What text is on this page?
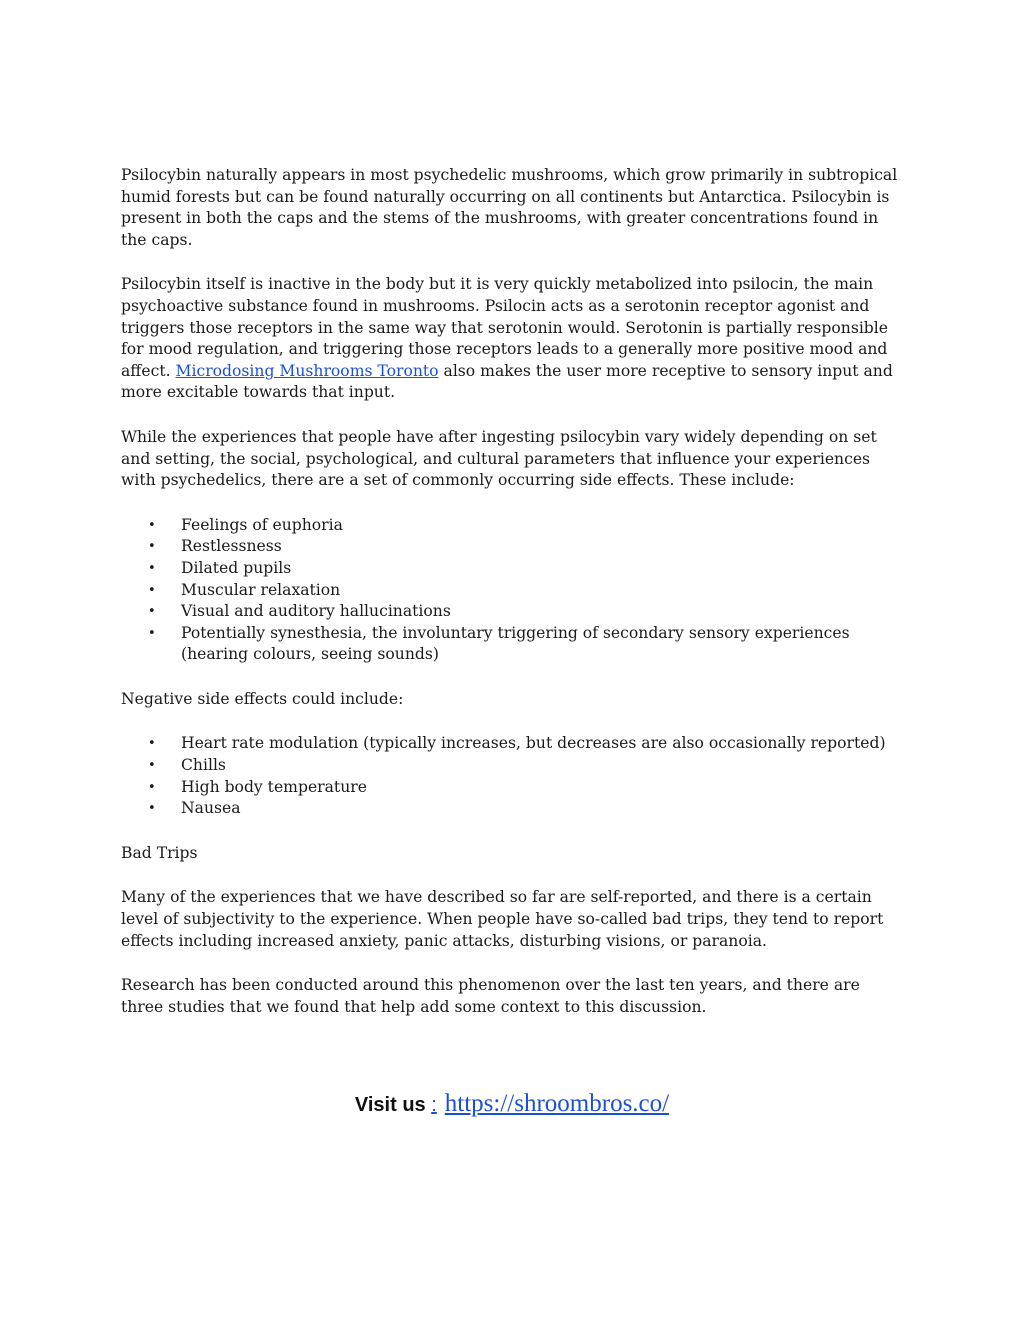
Psilocybin naturally appears in most psychedelic mushrooms, which grow primarily in subtropical humid forests but can be found naturally occurring on all continents but Antarctica. Psilocybin is present in both the caps and the stems of the mushrooms, with greater concentrations found in the caps.

Psilocybin itself is inactive in the body but it is very quickly metabolized into psilocin, the main psychoactive substance found in mushrooms. Psilocin acts as a serotonin receptor agonist and triggers those receptors in the same way that serotonin would. Serotonin is partially responsible for mood regulation, and triggering those receptors leads to a generally more positive mood and affect. Microdosing Mushrooms Toronto also makes the user more receptive to sensory input and more excitable towards that input.

While the experiences that people have after ingesting psilocybin vary widely depending on set and setting, the social, psychological, and cultural parameters that influence your experiences with psychedelics, there are a set of commonly occurring side effects. These include:

• Feelings of euphoria
• Restlessness
• Dilated pupils
• Muscular relaxation
• Visual and auditory hallucinations
• Potentially synesthesia, the involuntary triggering of secondary sensory experiences (hearing colours, seeing sounds)

Negative side effects could include:

• Heart rate modulation (typically increases, but decreases are also occasionally reported)
• Chills
• High body temperature
• Nausea

Bad Trips

Many of the experiences that we have described so far are self-reported, and there is a certain level of subjectivity to the experience. When people have so-called bad trips, they tend to report effects including increased anxiety, panic attacks, disturbing visions, or paranoia.

Research has been conducted around this phenomenon over the last ten years, and there are three studies that we found that help add some context to this discussion.

Visit us : https://shroombros.co/
